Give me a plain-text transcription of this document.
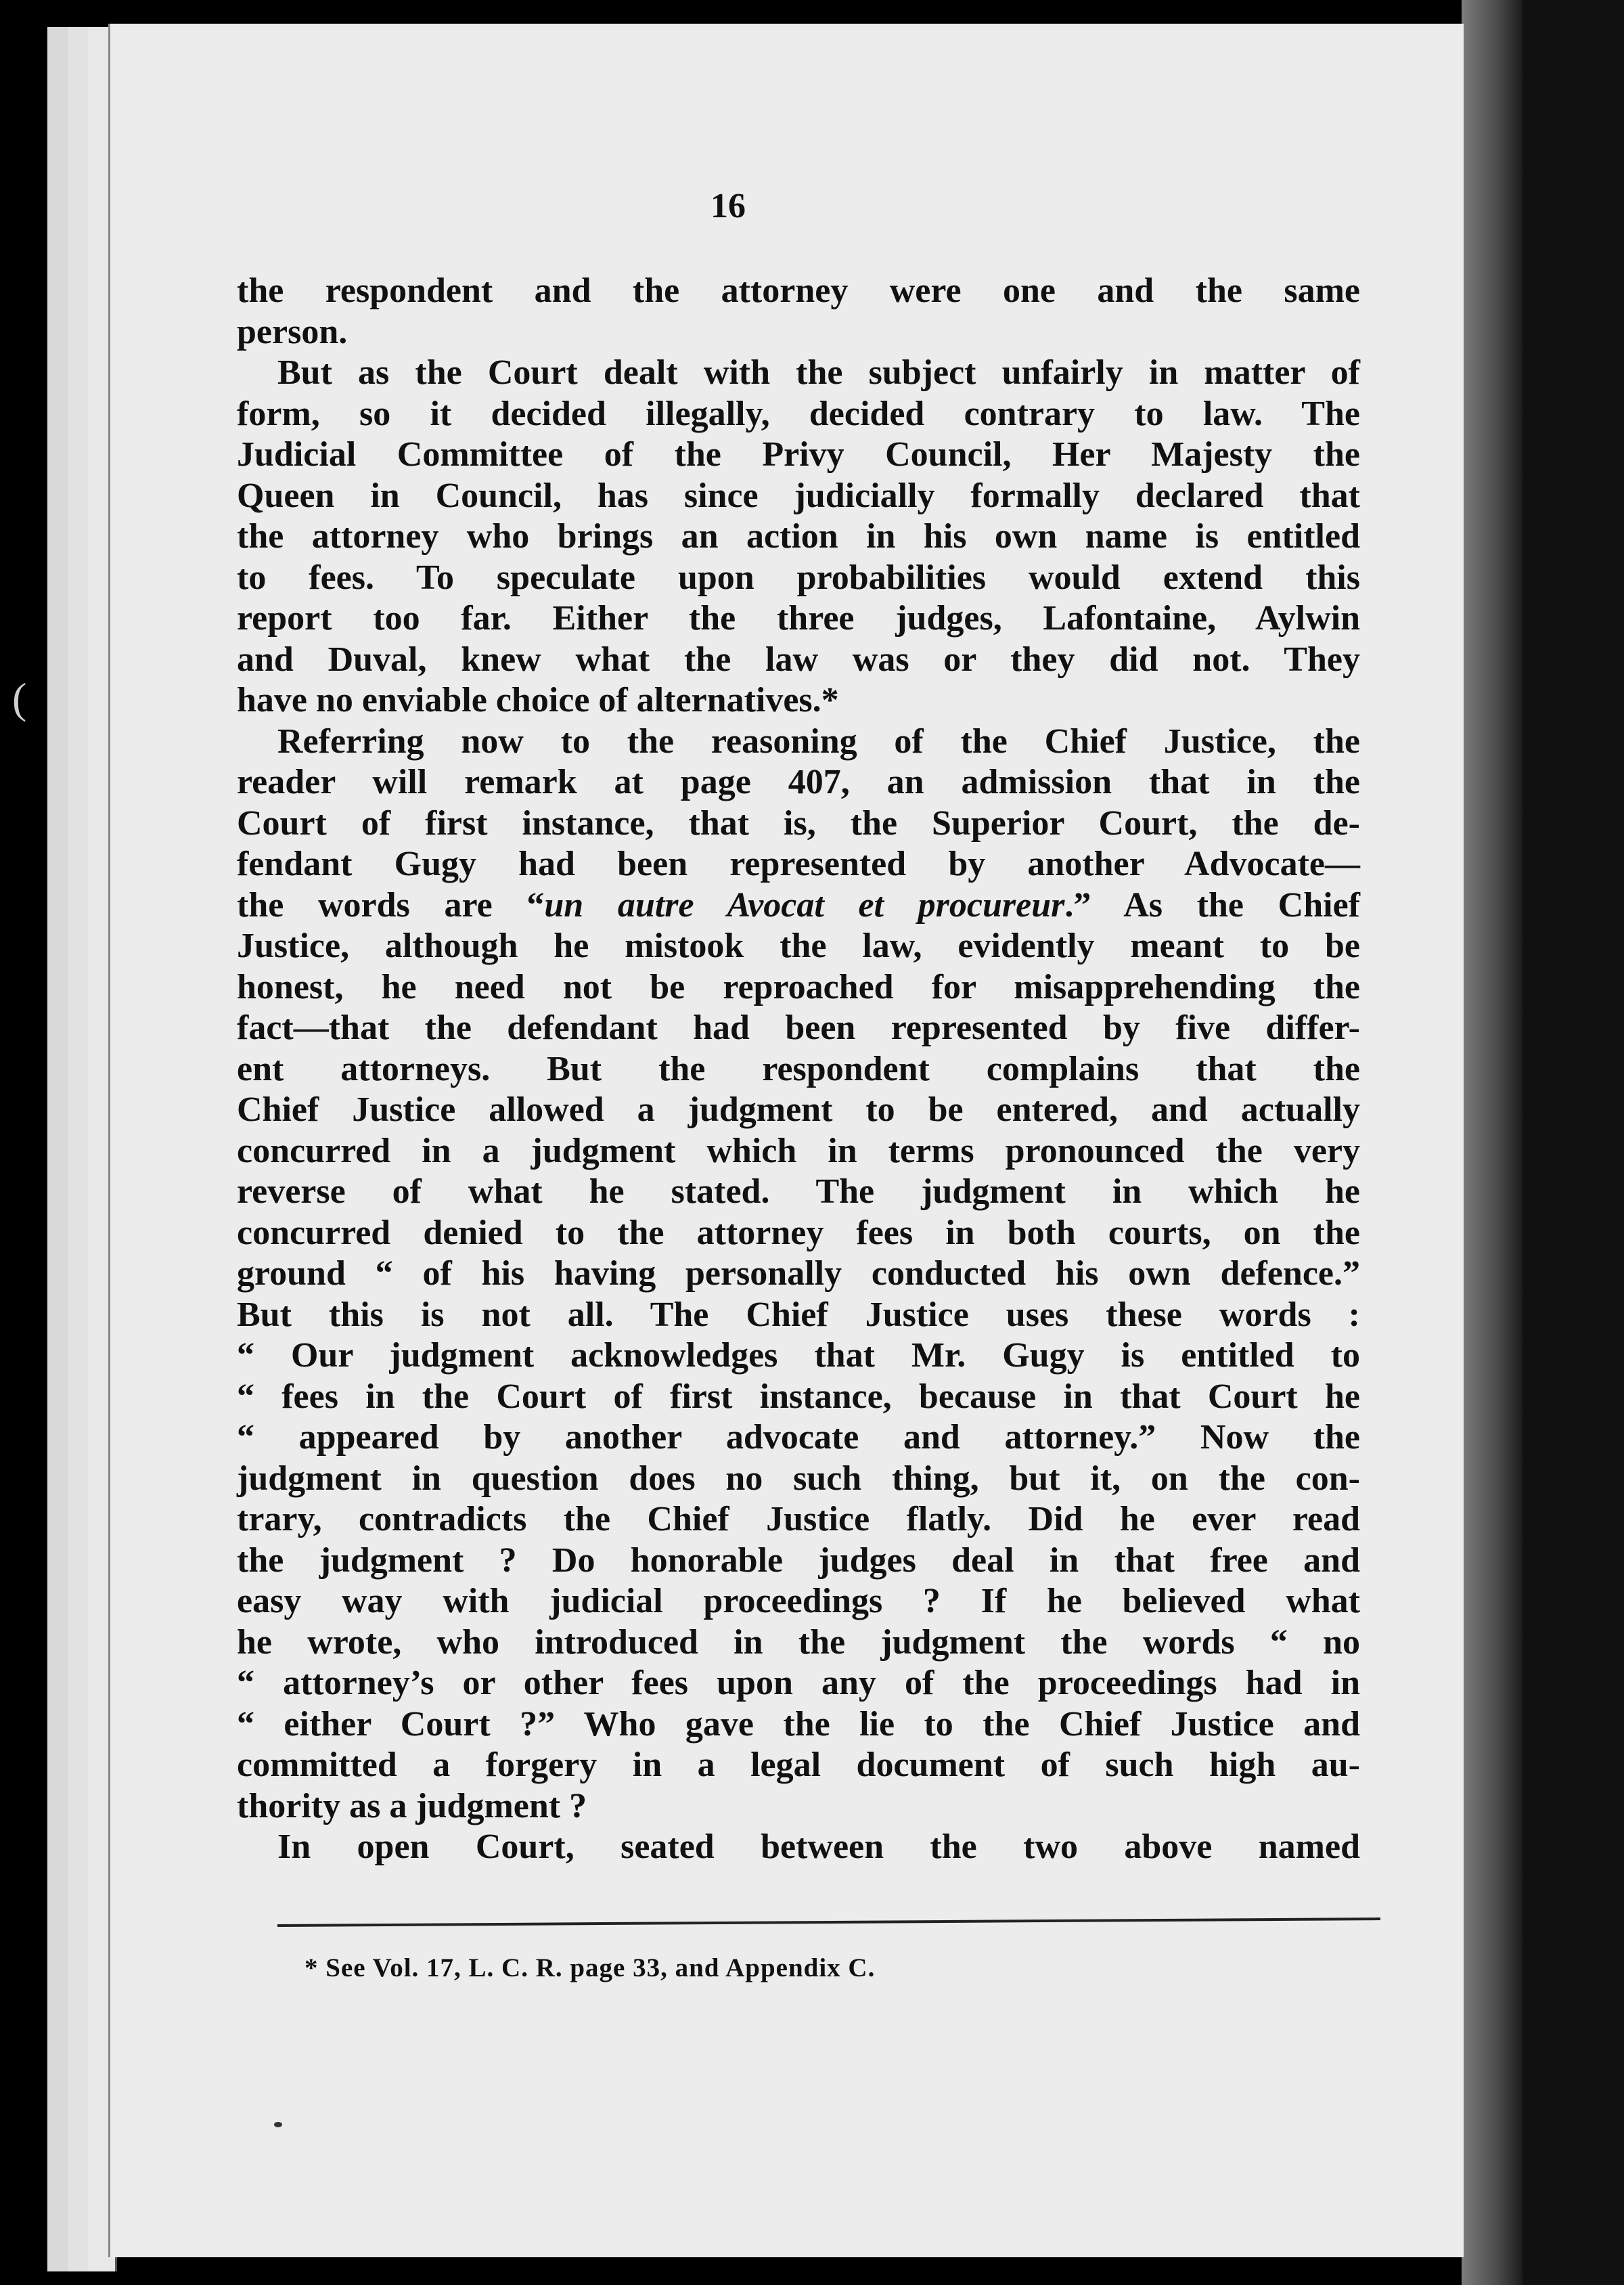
(
16
the respondent and the attorney were one and the same
person.
But as the Court dealt with the subject unfairly in matter of
form, so it decided illegally, decided contrary to law. The
Judicial Committee of the Privy Council, Her Majesty the
Queen in Council, has since judicially formally declared that
the attorney who brings an action in his own name is entitled
to fees. To speculate upon probabilities would extend this
report too far. Either the three judges, Lafontaine, Aylwin
and Duval, knew what the law was or they did not. They
have no enviable choice of alternatives.*
Referring now to the reasoning of the Chief Justice, the
reader will remark at page 407, an admission that in the
Court of first instance, that is, the Superior Court, the de-
fendant Gugy had been represented by another Advocate—
the words are “un autre Avocat et procureur.” As the Chief
Justice, although he mistook the law, evidently meant to be
honest, he need not be reproached for misapprehending the
fact—that the defendant had been represented by five differ-
ent attorneys. But the respondent complains that the
Chief Justice allowed a judgment to be entered, and actually
concurred in a judgment which in terms pronounced the very
reverse of what he stated. The judgment in which he
concurred denied to the attorney fees in both courts, on the
ground “ of his having personally conducted his own defence.”
But this is not all. The Chief Justice uses these words :
“ Our judgment acknowledges that Mr. Gugy is entitled to
“ fees in the Court of first instance, because in that Court he
“ appeared by another advocate and attorney.” Now the
judgment in question does no such thing, but it, on the con-
trary, contradicts the Chief Justice flatly. Did he ever read
the judgment ? Do honorable judges deal in that free and
easy way with judicial proceedings ? If he believed what
he wrote, who introduced in the judgment the words “ no
“ attorney’s or other fees upon any of the proceedings had in
“ either Court ?” Who gave the lie to the Chief Justice and
committed a forgery in a legal document of such high au-
thority as a judgment ?
In open Court, seated between the two above named
* See Vol. 17, L. C. R. page 33, and Appendix C.
